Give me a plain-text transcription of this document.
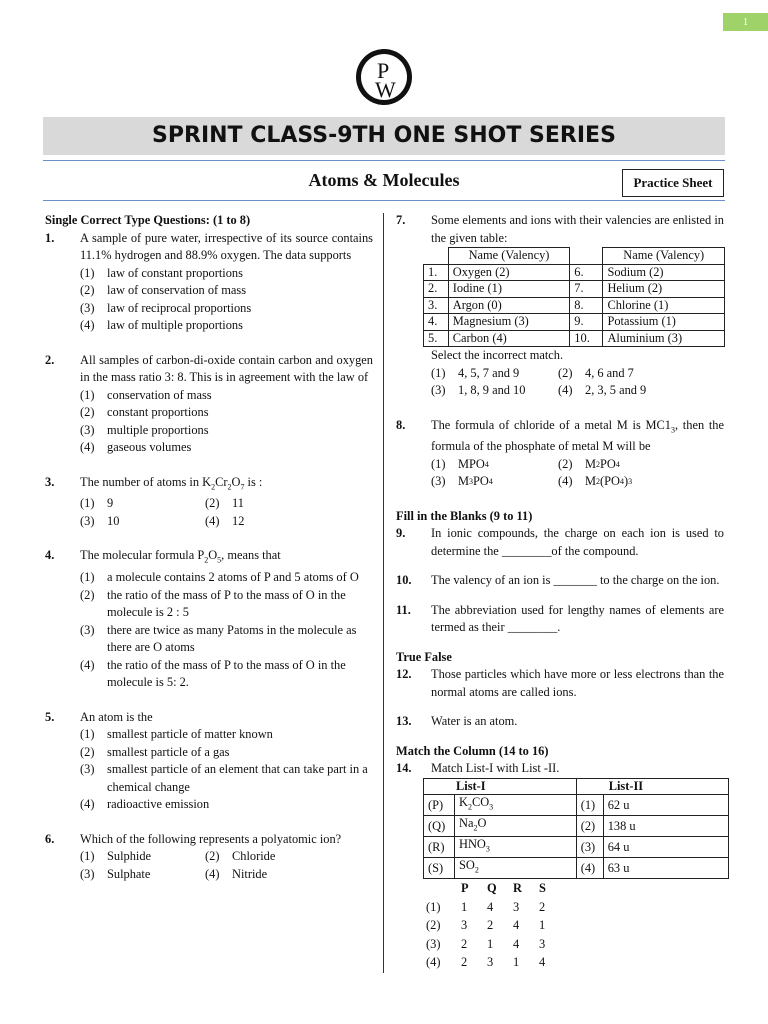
1
P
W
SPRINT CLASS-9TH ONE SHOT SERIES
Atoms & Molecules	Practice Sheet
Single Correct Type Questions: (1 to 8)
1.	A sample of pure water, irrespective of its source contains 11.1% hydrogen and 88.9% oxygen. The data supports
(1)	law of constant proportions
(2)	law of conservation of mass
(3)	law of reciprocal proportions
(4)	law of multiple proportions
2.	All samples of carbon-di-oxide contain carbon and oxygen in the mass ratio 3: 8. This is in agreement with the law of
(1)	conservation of mass
(2)	constant proportions
(3)	multiple proportions
(4)	gaseous volumes
3.	The number of atoms in $K_2Cr_2O_7$ is :
(1)	9	(2)	11
(3)	10	(4)	12
4.	The molecular formula $P_2O_5$, means that
(1)	a molecule contains 2 atoms of P and 5 atoms of O
(2)	the ratio of the mass of P to the mass of O in the molecule is 2 : 5
(3)	there are twice as many Patoms in the molecule as there are O atoms
(4)	the ratio of the mass of P to the mass of O in the molecule is 5: 2.
5.	An atom is the
(1)	smallest particle of matter known
(2)	smallest particle of a gas
(3)	smallest particle of an element that can take part in a chemical change
(4)	radioactive emission
6.	Which of the following represents a polyatomic ion?
(1)	Sulphide	(2)	Chloride
(3)	Sulphate	(4)	Nitride
7.	Some elements and ions with their valencies are enlisted in the given table:
	Name (Valency)		Name (Valency)
1.	Oxygen (2)	6.	Sodium (2)
2.	Iodine (1)	7.	Helium (2)
3.	Argon (0)	8.	Chlorine (1)
4.	Magnesium (3)	9.	Potassium (1)
5.	Carbon (4)	10.	Aluminium (3)
Select the incorrect match.
(1)	4, 5, 7 and 9	(2)	4, 6 and 7
(3)	1, 8, 9 and 10	(4)	2, 3, 5 and 9
8.	The formula of chloride of a metal M is $MC1_3$, then the formula of the phosphate of metal M will be
(1)	MPO 4	(2)	M 2 PO 4
(3)	M 3 PO 4	(4)	M 2 (PO 4 ) 3
Fill in the Blanks (9 to 11)
9.	In ionic compounds, the charge on each ion is used to determine the ________of the compound.
10.	The valency of an ion is _______ to the charge on the ion.
11.	The abbreviation used for lengthy names of elements are termed as their ________.
True False
12.	Those particles which have more or less electrons than the normal atoms are called ions.
13.	Water is an atom.
Match the Column (14 to 16)
14.	Match List-I with List -II.
List-I		List-II	
(P)	$K_2CO_3$	(1)	62 u
(Q)	$Na_2O$	(2)	138 u
(R)	$HNO_3$	(3)	64 u
(S)	$SO_2$	(4)	63 u
P	Q	R	S
(1)	1	4	3	2
(2)	3	2	4	1
(3)	2	1	4	3
(4)	2	3	1	4
